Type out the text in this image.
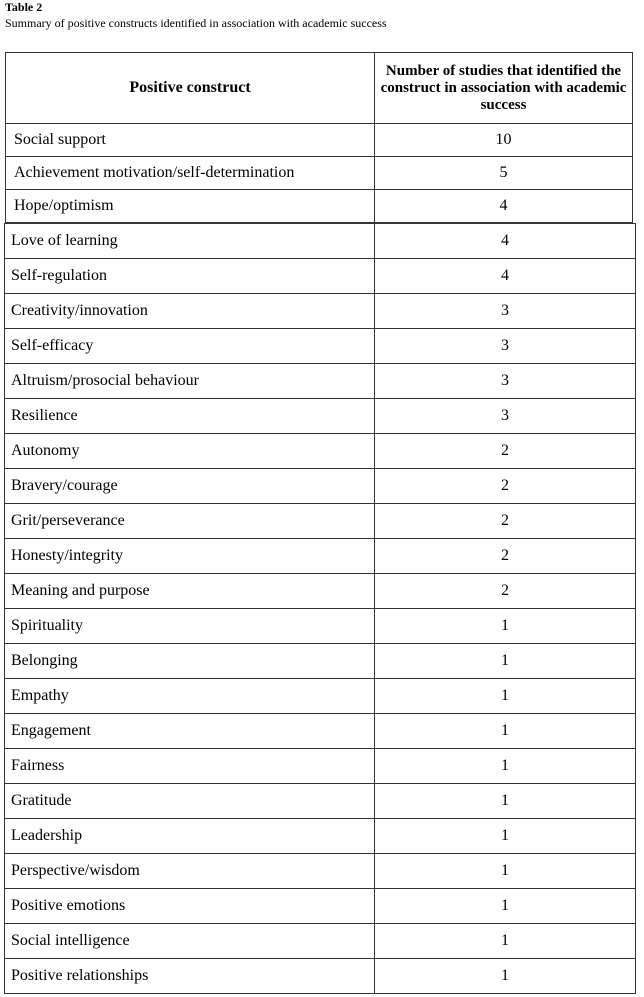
Table 2
Summary of positive constructs identified in association with academic success
Positive construct	Number of studies that identified the construct in association with academic success
Social support	10
Achievement motivation/self-determination	5
Hope/optimism	4
Love of learning	4
Self-regulation	4
Creativity/innovation	3
Self-efficacy	3
Altruism/prosocial behaviour	3
Resilience	3
Autonomy	2
Bravery/courage	2
Grit/perseverance	2
Honesty/integrity	2
Meaning and purpose	2
Spirituality	1
Belonging	1
Empathy	1
Engagement	1
Fairness	1
Gratitude	1
Leadership	1
Perspective/wisdom	1
Positive emotions	1
Social intelligence	1
Positive relationships	1
